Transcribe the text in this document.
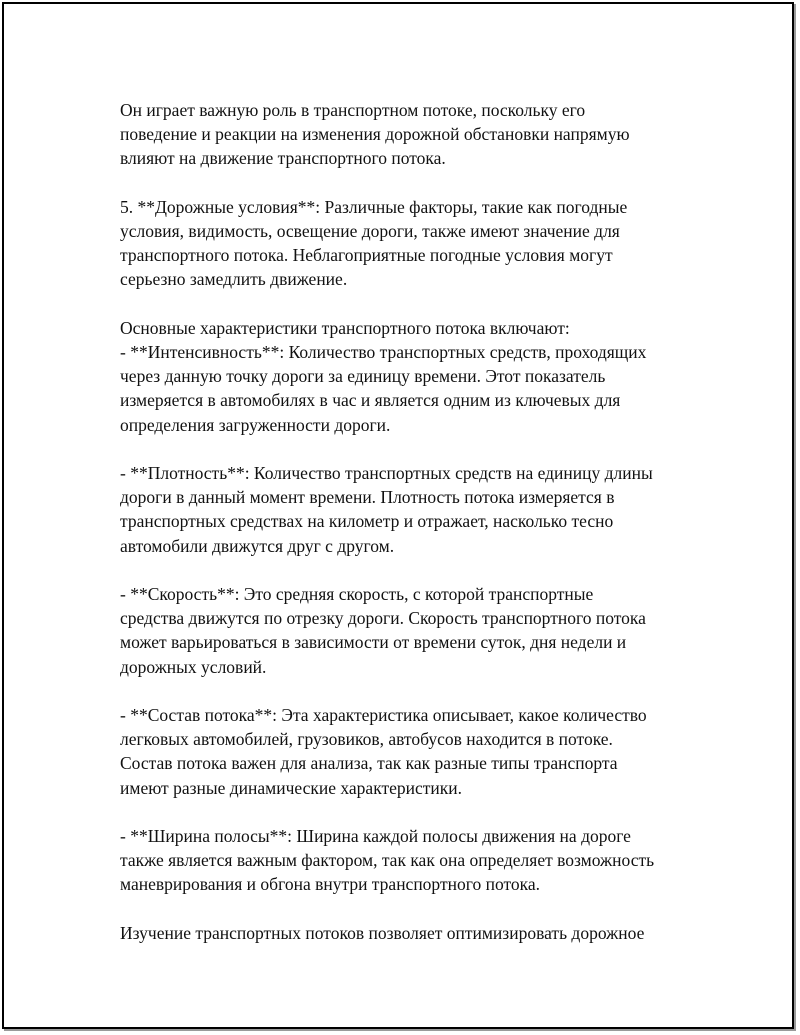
Он играет важную роль в транспортном потоке, поскольку его
поведение и реакции на изменения дорожной обстановки напрямую
влияют на движение транспортного потока.

5. **Дорожные условия**: Различные факторы, такие как погодные
условия, видимость, освещение дороги, также имеют значение для
транспортного потока. Неблагоприятные погодные условия могут
серьезно замедлить движение.

Основные характеристики транспортного потока включают:
- **Интенсивность**: Количество транспортных средств, проходящих
через данную точку дороги за единицу времени. Этот показатель
измеряется в автомобилях в час и является одним из ключевых для
определения загруженности дороги.

- **Плотность**: Количество транспортных средств на единицу длины
дороги в данный момент времени. Плотность потока измеряется в
транспортных средствах на километр и отражает, насколько тесно
автомобили движутся друг с другом.

- **Скорость**: Это средняя скорость, с которой транспортные
средства движутся по отрезку дороги. Скорость транспортного потока
может варьироваться в зависимости от времени суток, дня недели и
дорожных условий.

- **Состав потока**: Эта характеристика описывает, какое количество
легковых автомобилей, грузовиков, автобусов находится в потоке.
Состав потока важен для анализа, так как разные типы транспорта
имеют разные динамические характеристики.

- **Ширина полосы**: Ширина каждой полосы движения на дороге
также является важным фактором, так как она определяет возможность
маневрирования и обгона внутри транспортного потока.

Изучение транспортных потоков позволяет оптимизировать дорожное
